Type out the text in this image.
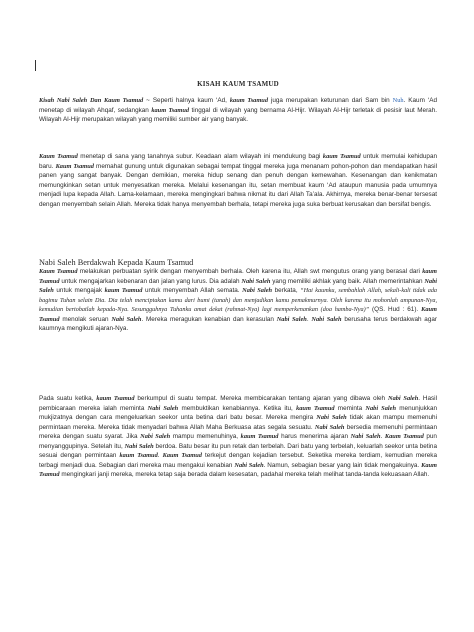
KISAH KAUM TSAMUD

Kisah Nabi Saleh Dan Kaum Tsamud ~ Seperti halnya kaum ‘Ad, kaum Tsamud juga merupakan keturunan dari Sam bin Nuh. Kaum ‘Ad menetap di wilayah Ahqaf, sedangkan kaum Tsamud tinggal di wilayah yang bernama Al-Hijr. Wilayah Al-Hijr terletak di pesisir laut Merah. Wilayah Al-Hijr merupakan wilayah yang memiliki sumber air yang banyak.

Kaum Tsamud menetap di sana yang tanahnya subur. Keadaan alam wilayah ini mendukung bagi kaum Tsamud untuk memulai kehidupan baru. Kaum Tsamud memahat gunung untuk digunakan sebagai tempat tinggal mereka juga menanam pohon-pohon dan mendapatkan hasil panen yang sangat banyak. Dengan demikian, mereka hidup senang dan penuh dengan kemewahan. Kesenangan dan kenikmatan memungkinkan setan untuk menyesatkan mereka. Melalui kesenangan itu, setan membuat kaum ‘Ad ataupun manusia pada umumnya menjadi lupa kepada Allah. Lama-kelamaan, mereka mengingkari bahwa nikmat itu dari Allah Ta’ala. Akhirnya, mereka benar-benar tersesat dengan menyembah selain Allah. Mereka tidak hanya menyembah berhala, tetapi mereka juga suka berbuat kerusakan dan bersifat bengis.

Nabi Saleh Berdakwah Kepada Kaum Tsamud

Kaum Tsamud melakukan perbuatan syirik dengan menyembah berhala. Oleh karena itu, Allah swt mengutus orang yang berasal dari kaum Tsamud untuk mengajarkan kebenaran dan jalan yang lurus. Dia adalah Nabi Saleh yang memiliki akhlak yang baik. Allah memerintahkan Nabi Saleh untuk mengajak kaum Tsamud untuk menyembah Allah semata. Nabi Saleh berkata, “Hai kaumku, sembahlah Allah, sekali-kali tidak ada bagimu Tuhan selain Dia. Dia telah menciptakan kamu dari bumi (tanah) dan menjadikan kamu pemakmurnya. Oleh karena itu mohonlah ampunan-Nya, kemudian bertobatlah kepada-Nya. Sesungguhnya Tuhanku amat dekat (rahmat-Nya) lagi memperkenankan (doa hamba-Nya)” (QS. Hud : 61). Kaum Tsamud menolak seruan Nabi Saleh. Mereka meragukan kenabian dan kerasulan Nabi Saleh. Nabi Saleh berusaha terus berdakwah agar kaumnya mengikuti ajaran-Nya.

Pada suatu ketika, kaum Tsamud berkumpul di suatu tempat. Mereka membicarakan tentang ajaran yang dibawa oleh Nabi Saleh. Hasil pembicaraan mereka ialah meminta Nabi Saleh membuktikan kenabiannya. Ketika itu, kaum Tsamud meminta Nabi Saleh menunjukkan mukjizatnya dengan cara mengeluarkan seekor unta betina dari batu besar. Mereka mengira Nabi Saleh tidak akan mampu memenuhi permintaan mereka. Mereka tidak menyadari bahwa Allah Maha Berkuasa atas segala sesuatu. Nabi Saleh bersedia memenuhi permintaan mereka dengan suatu syarat. Jika Nabi Saleh mampu memenuhinya, kaum Tsamud harus menerima ajaran Nabi Saleh. Kaum Tsamud pun menyanggupinya. Setelah itu, Nabi Saleh berdoa. Batu besar itu pun retak dan terbelah. Dari batu yang terbelah, keluarlah seekor unta betina sesuai dengan permintaan kaum Tsamud. Kaum Tsamud terkejut dengan kejadian tersebut. Seketika mereka terdiam, kemudian mereka terbagi menjadi dua. Sebagian dari mereka mau mengakui kenabian Nabi Saleh. Namun, sebagian besar yang lain tidak mengakuinya. Kaum Tsamud mengingkari janji mereka, mereka tetap saja berada dalam kesesatan, padahal mereka telah melihat tanda-tanda kekuasaan Allah.
